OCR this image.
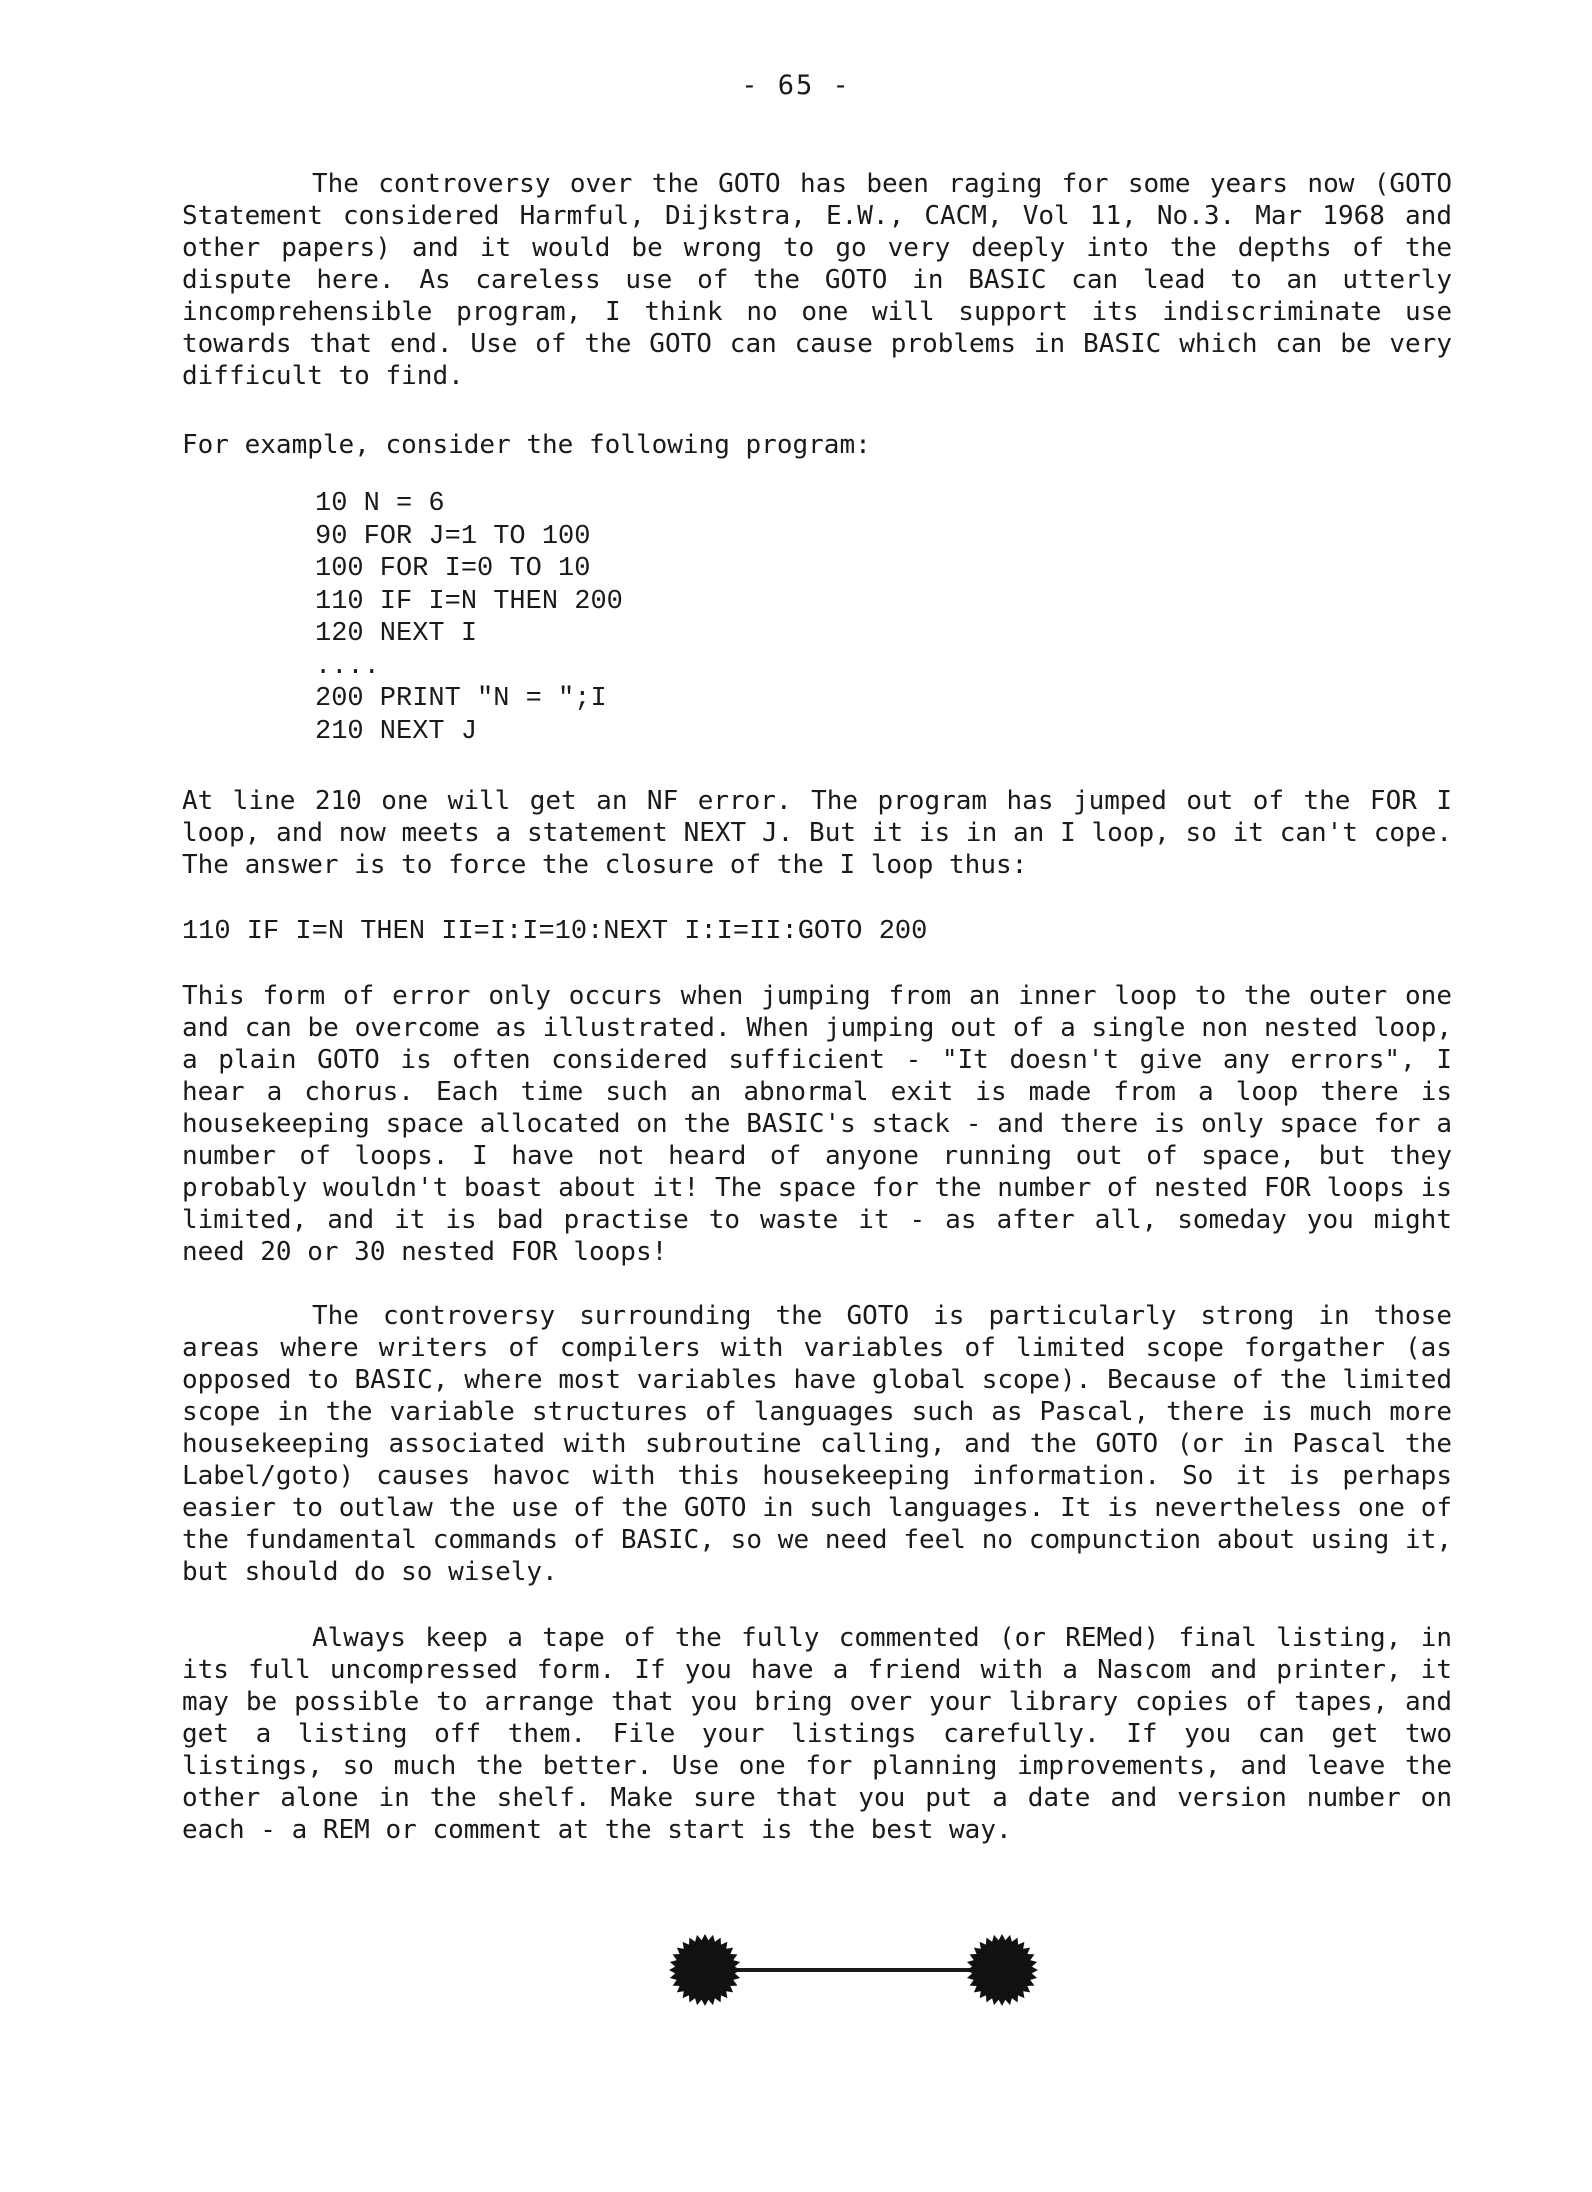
- 65 -

The controversy over the GOTO has been raging for some years now (GOTO Statement considered Harmful, Dijkstra, E.W., CACM, Vol 11, No.3. Mar 1968 and other papers) and it would be wrong to go very deeply into the depths of the dispute here. As careless use of the GOTO in BASIC can lead to an utterly incomprehensible program, I think no one will support its indiscriminate use towards that end. Use of the GOTO can cause problems in BASIC which can be very difficult to find.

For example, consider the following program:

10 N = 6
90 FOR J=1 TO 100
100 FOR I=0 TO 10
110 IF I=N THEN 200
120 NEXT I
....
200 PRINT "N = ";I
210 NEXT J

At line 210 one will get an NF error. The program has jumped out of the FOR I loop, and now meets a statement NEXT J. But it is in an I loop, so it can't cope. The answer is to force the closure of the I loop thus:

110 IF I=N THEN II=I:I=10:NEXT I:I=II:GOTO 200

This form of error only occurs when jumping from an inner loop to the outer one and can be overcome as illustrated. When jumping out of a single non nested loop, a plain GOTO is often considered sufficient - "It doesn't give any errors", I hear a chorus. Each time such an abnormal exit is made from a loop there is housekeeping space allocated on the BASIC's stack - and there is only space for a number of loops. I have not heard of anyone running out of space, but they probably wouldn't boast about it! The space for the number of nested FOR loops is limited, and it is bad practise to waste it - as after all, someday you might need 20 or 30 nested FOR loops!

The controversy surrounding the GOTO is particularly strong in those areas where writers of compilers with variables of limited scope forgather (as opposed to BASIC, where most variables have global scope). Because of the limited scope in the variable structures of languages such as Pascal, there is much more housekeeping associated with subroutine calling, and the GOTO (or in Pascal the Label/goto) causes havoc with this housekeeping information. So it is perhaps easier to outlaw the use of the GOTO in such languages. It is nevertheless one of the fundamental commands of BASIC, so we need feel no compunction about using it, but should do so wisely.

Always keep a tape of the fully commented (or REMed) final listing, in its full uncompressed form. If you have a friend with a Nascom and printer, it may be possible to arrange that you bring over your library copies of tapes, and get a listing off them. File your listings carefully. If you can get two listings, so much the better. Use one for planning improvements, and leave the other alone in the shelf. Make sure that you put a date and version number on each - a REM or comment at the start is the best way.
